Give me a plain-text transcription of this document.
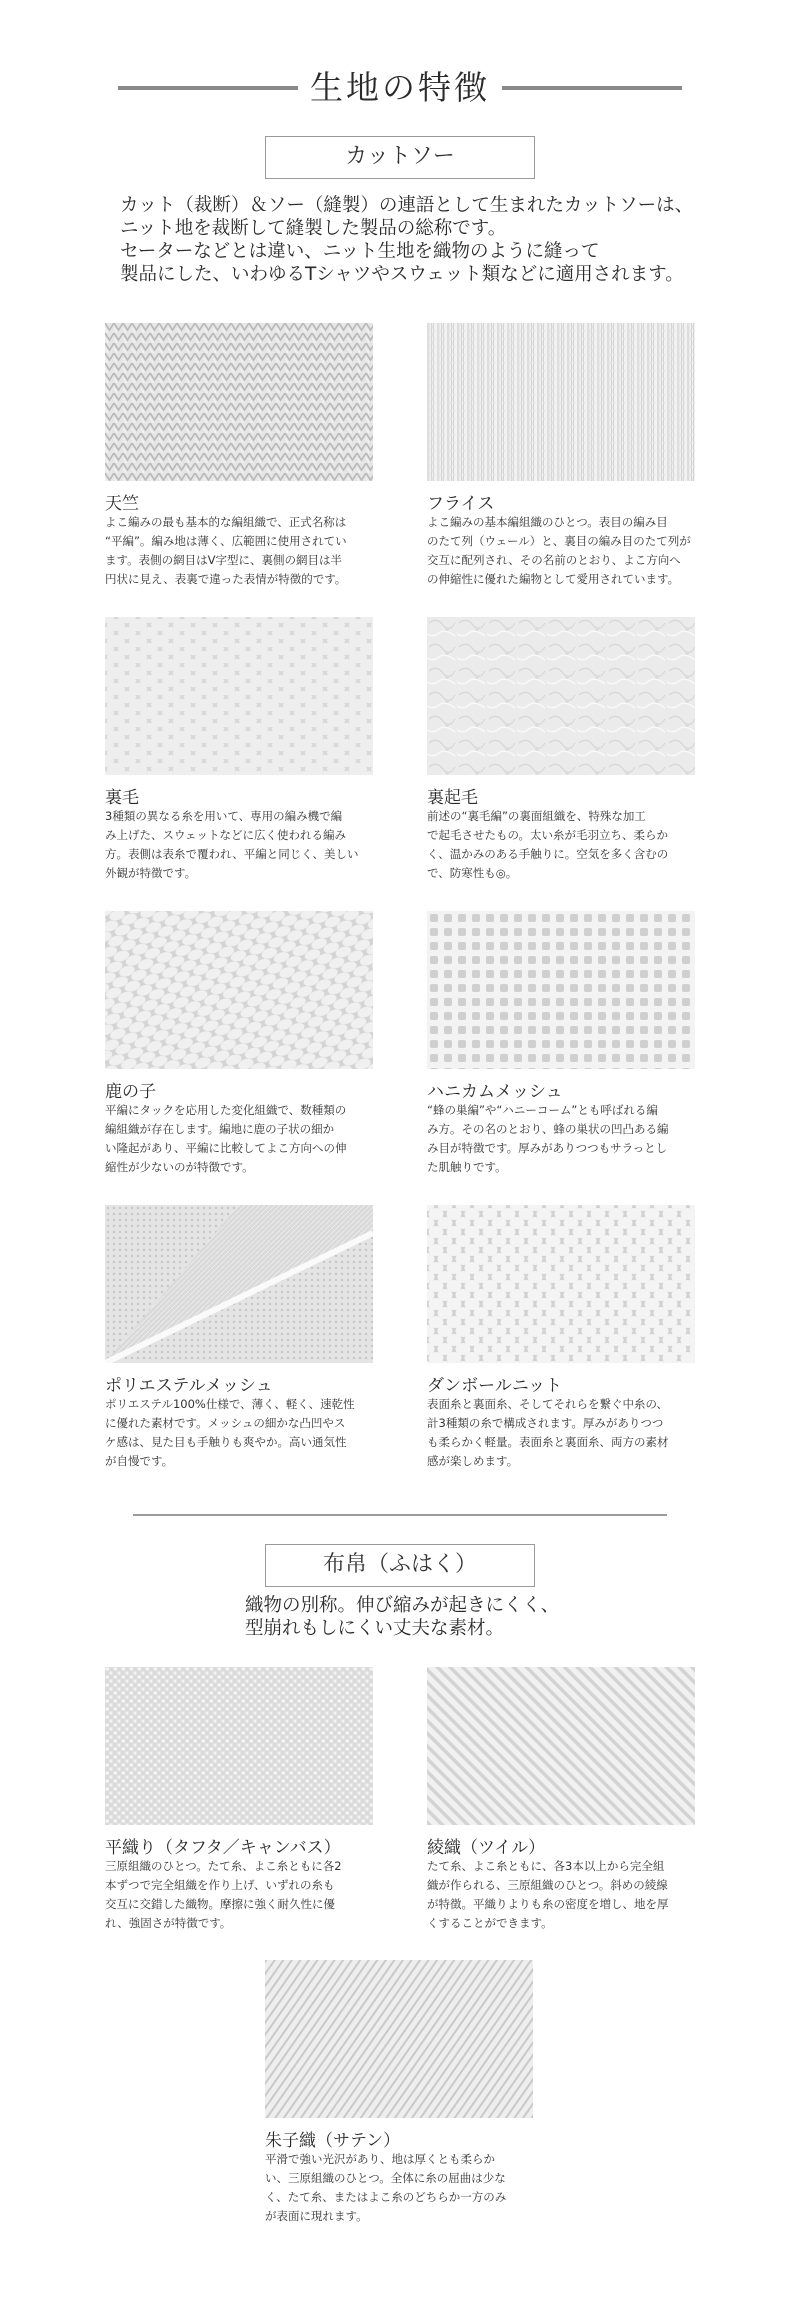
生地の特徴
カットソー
カット（裁断）＆ソー（縫製）の連語として生まれたカットソーは、
ニット地を裁断して縫製した製品の総称です。
セーターなどとは違い、ニット生地を織物のように縫って
製品にした、いわゆるTシャツやスウェット類などに適用されます。
天竺
よこ編みの最も基本的な編組織で、正式名称は
“平編”。編み地は薄く、広範囲に使用されてい
ます。表側の網目はV字型に、裏側の網目は半
円状に見え、表裏で違った表情が特徴的です。
フライス
よこ編みの基本編組織のひとつ。表目の編み目
のたて列（ウェール）と、裏目の編み目のたて列が
交互に配列され、その名前のとおり、よこ方向へ
の伸縮性に優れた編物として愛用されています。
裏毛
3種類の異なる糸を用いて、専用の編み機で編
み上げた、スウェットなどに広く使われる編み
方。表側は表糸で覆われ、平編と同じく、美しい
外観が特徴です。
裏起毛
前述の“裏毛編”の裏面組織を、特殊な加工
で起毛させたもの。太い糸が毛羽立ち、柔らか
く、温かみのある手触りに。空気を多く含むの
で、防寒性も◎。
鹿の子
平編にタックを応用した変化組織で、数種類の
編組織が存在します。編地に鹿の子状の細か
い隆起があり、平編に比較してよこ方向への伸
縮性が少ないのが特徴です。
ハニカムメッシュ
“蜂の巣編”や“ハニーコーム”とも呼ばれる編
み方。その名のとおり、蜂の巣状の凹凸ある編
み目が特徴です。厚みがありつつもサラっとし
た肌触りです。
ポリエステルメッシュ
ポリエステル100%仕様で、薄く、軽く、速乾性
に優れた素材です。メッシュの細かな凸凹やス
ケ感は、見た目も手触りも爽やか。高い通気性
が自慢です。
ダンボールニット
表面糸と裏面糸、そしてそれらを繋ぐ中糸の、
計3種類の糸で構成されます。厚みがありつつ
も柔らかく軽量。表面糸と裏面糸、両方の素材
感が楽しめます。
平織り（タフタ／キャンバス）
三原組織のひとつ。たて糸、よこ糸ともに各2
本ずつで完全組織を作り上げ、いずれの糸も
交互に交錯した織物。摩擦に強く耐久性に優
れ、強固さが特徴です。
綾織（ツイル）
たて糸、よこ糸ともに、各3本以上から完全組
織が作られる、三原組織のひとつ。斜めの綾線
が特徴。平織りよりも糸の密度を増し、地を厚
くすることができます。
朱子織（サテン）
平滑で強い光沢があり、地は厚くとも柔らか
い、三原組織のひとつ。全体に糸の屈曲は少な
く、たて糸、またはよこ糸のどちらか一方のみ
が表面に現れます。
布帛（ふはく）
織物の別称。伸び縮みが起きにくく、
型崩れもしにくい丈夫な素材。
